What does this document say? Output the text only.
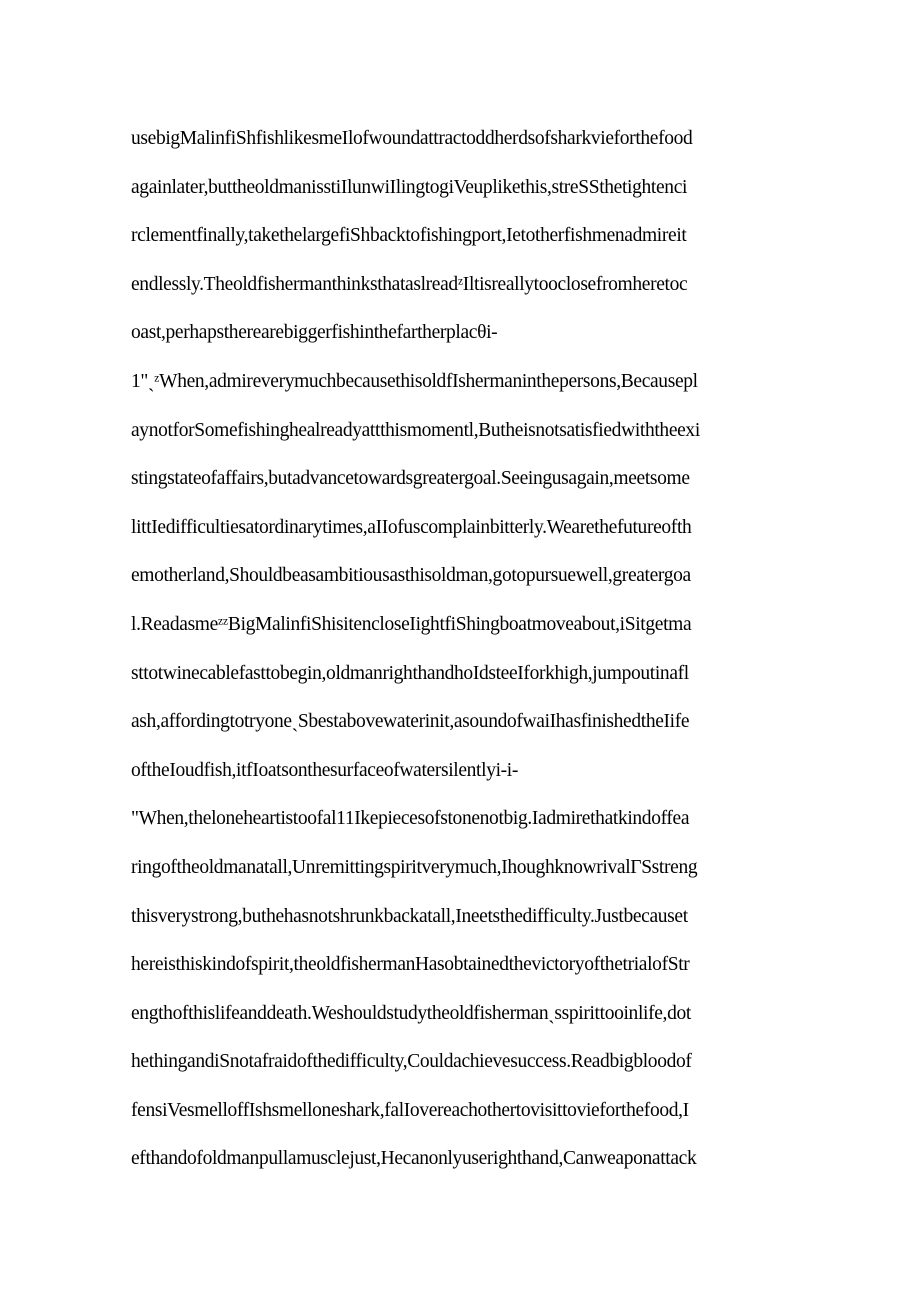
usebigMalinfiShfishlikesmeIlofwoundattractoddherdsofsharkvieforthefood
againlater,buttheoldmanisstiIlunwiIlingtogiVeuplikethis,streSSthetightenci
rclementfinally,takethelargefiShbacktofishingport,Ietotherfishmenadmireit
endlessly.TheoldfishermanthinksthataslreadᶻIltisreallytooclosefromheretoc
oast,perhapstherearebiggerfishinthefartherplacθi-
1"ˏᶻWhen,admireverymuchbecausethisoldfIshermaninthepersons,Becausepl
aynotforSomefishinghealreadyattthismomentl,Butheisnotsatisfiedwiththeexi
stingstateofaffairs,butadvancetowardsgreatergoal.Seeingusagain,meetsome
littIedifficultiesatordinarytimes,aIIofuscomplainbitterly.Wearethefutureofth
emotherland,Shouldbeasambitiousasthisoldman,gotopursuewell,greatergoa
l.ReadasmeᶻᶻBigMalinfiShisitencloseIightfiShingboatmoveabout,iSitgetma
sttotwinecablefasttobegin,oldmanrighthandhoIdsteeIforkhigh,jumpoutinafl
ash,affordingtotryoneˏSbestabovewaterinit,asoundofwaiIhasfinishedtheIife
oftheIoudfish,itfIoatsonthesurfaceofwatersilentlyi-i-
"When,theloneheartistoofal11Ikepiecesofstonenotbig.Iadmirethatkindoffea
ringoftheoldmanatall,Unremittingspiritverymuch,IhoughknowrivalΓSstreng
thisverystrong,buthehasnotshrunkbackatall,Ineetsthedifficulty.Justbecauset
hereisthiskindofspirit,theoldfishermanHasobtainedthevictoryofthetrialofStr
engthofthislifeanddeath.Weshouldstudytheoldfishermanˏsspirittooinlife,dot
hethingandiSnotafraidofthedifficulty,Couldachievesuccess.Readbigbloodof
fensiVesmelloffIshsmelloneshark,falIovereachothertovisittovieforthefood,I
efthandofoldmanpullamusclejust,Hecanonlyuserighthand,Canweaponattack
